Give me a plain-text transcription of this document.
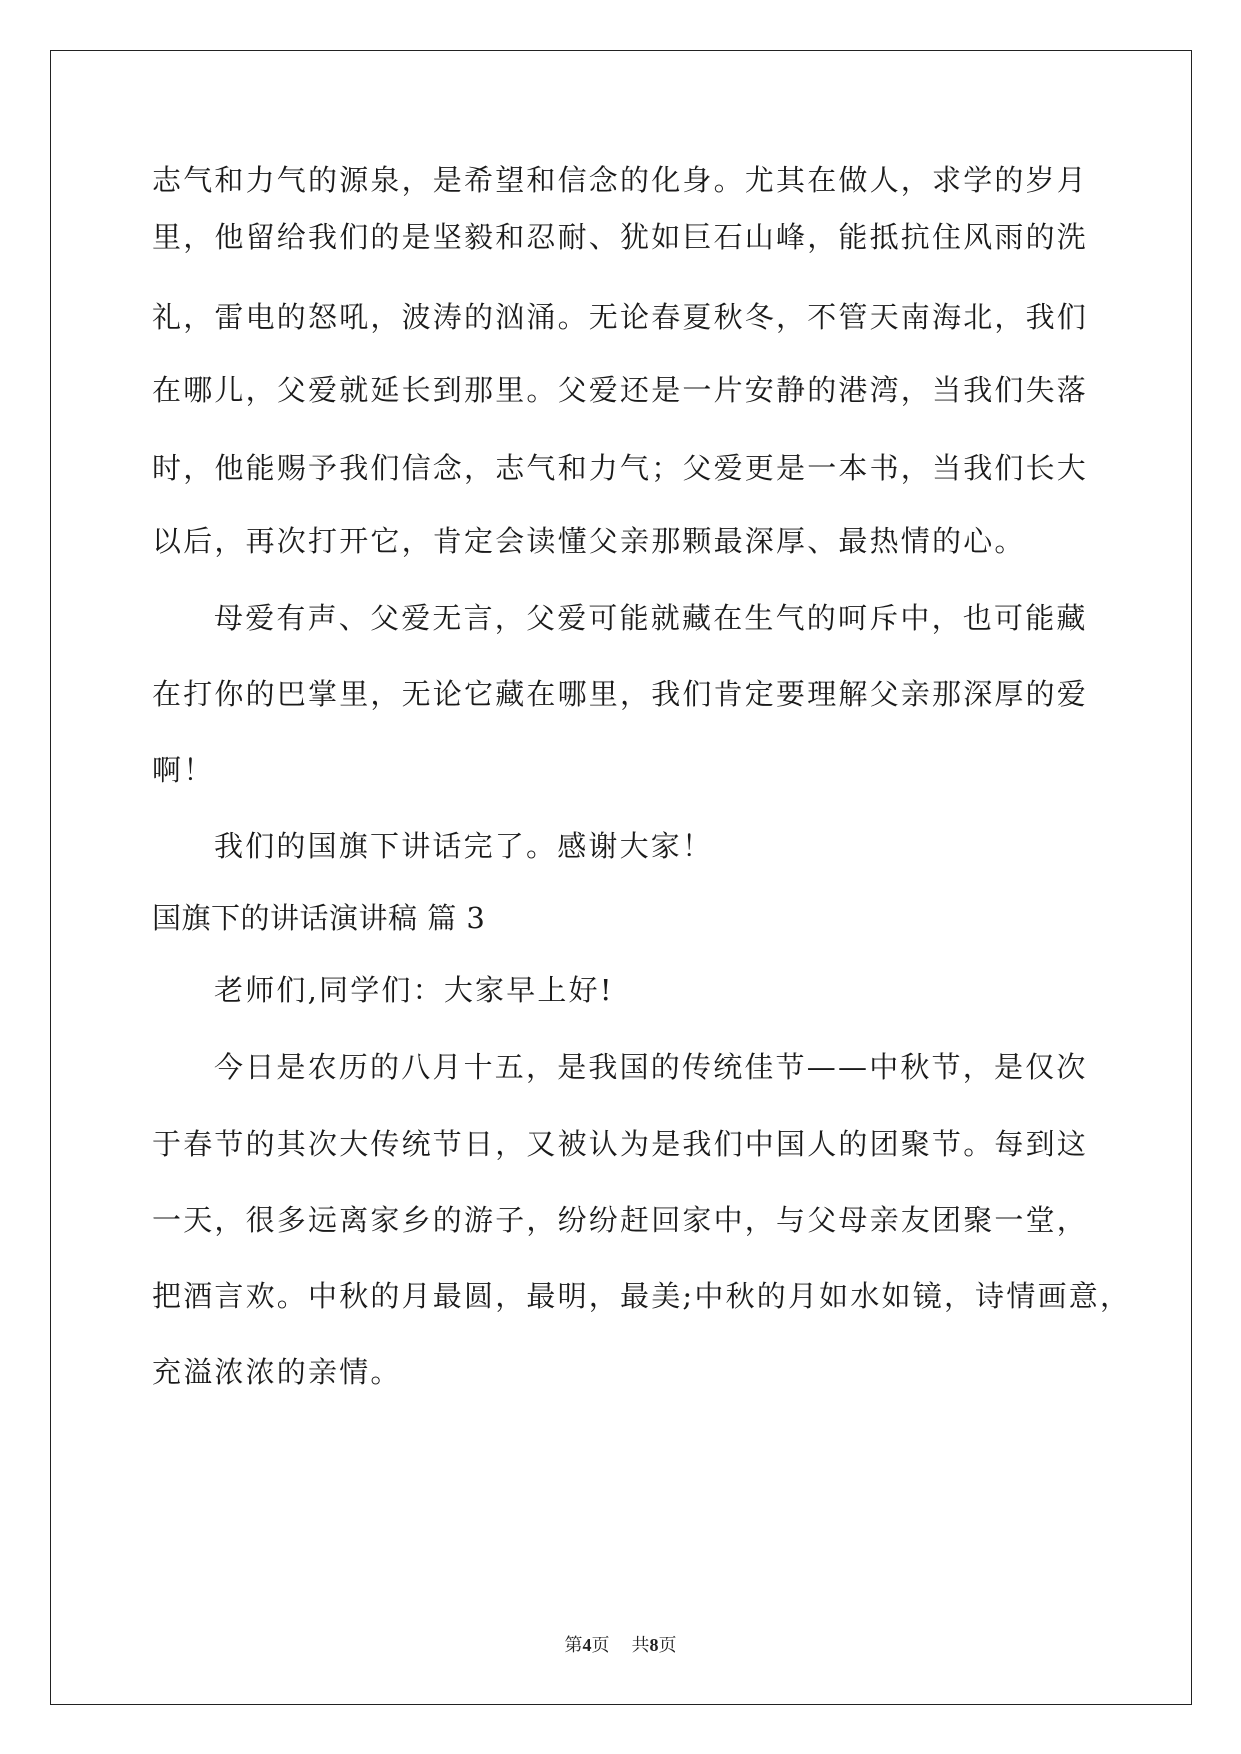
志气和力气的源泉，是希望和信念的化身。尤其在做人，求学的岁月
里，他留给我们的是坚毅和忍耐、犹如巨石山峰，能抵抗住风雨的洗
礼，雷电的怒吼，波涛的汹涌。无论春夏秋冬，不管天南海北，我们
在哪儿，父爱就延长到那里。父爱还是一片安静的港湾，当我们失落
时，他能赐予我们信念，志气和力气；父爱更是一本书，当我们长大
以后，再次打开它，肯定会读懂父亲那颗最深厚、最热情的心。
母爱有声、父爱无言，父爱可能就藏在生气的呵斥中，也可能藏
在打你的巴掌里，无论它藏在哪里，我们肯定要理解父亲那深厚的爱
啊！
我们的国旗下讲话完了。感谢大家！
国旗下的讲话演讲稿 篇 3
老师们,同学们：大家早上好!
今日是农历的八月十五，是我国的传统佳节——中秋节，是仅次
于春节的其次大传统节日，又被认为是我们中国人的团聚节。每到这
一天，很多远离家乡的游子，纷纷赶回家中，与父母亲友团聚一堂，
把酒言欢。中秋的月最圆，最明，最美;中秋的月如水如镜，诗情画意，
充溢浓浓的亲情。
第4页 共8页
